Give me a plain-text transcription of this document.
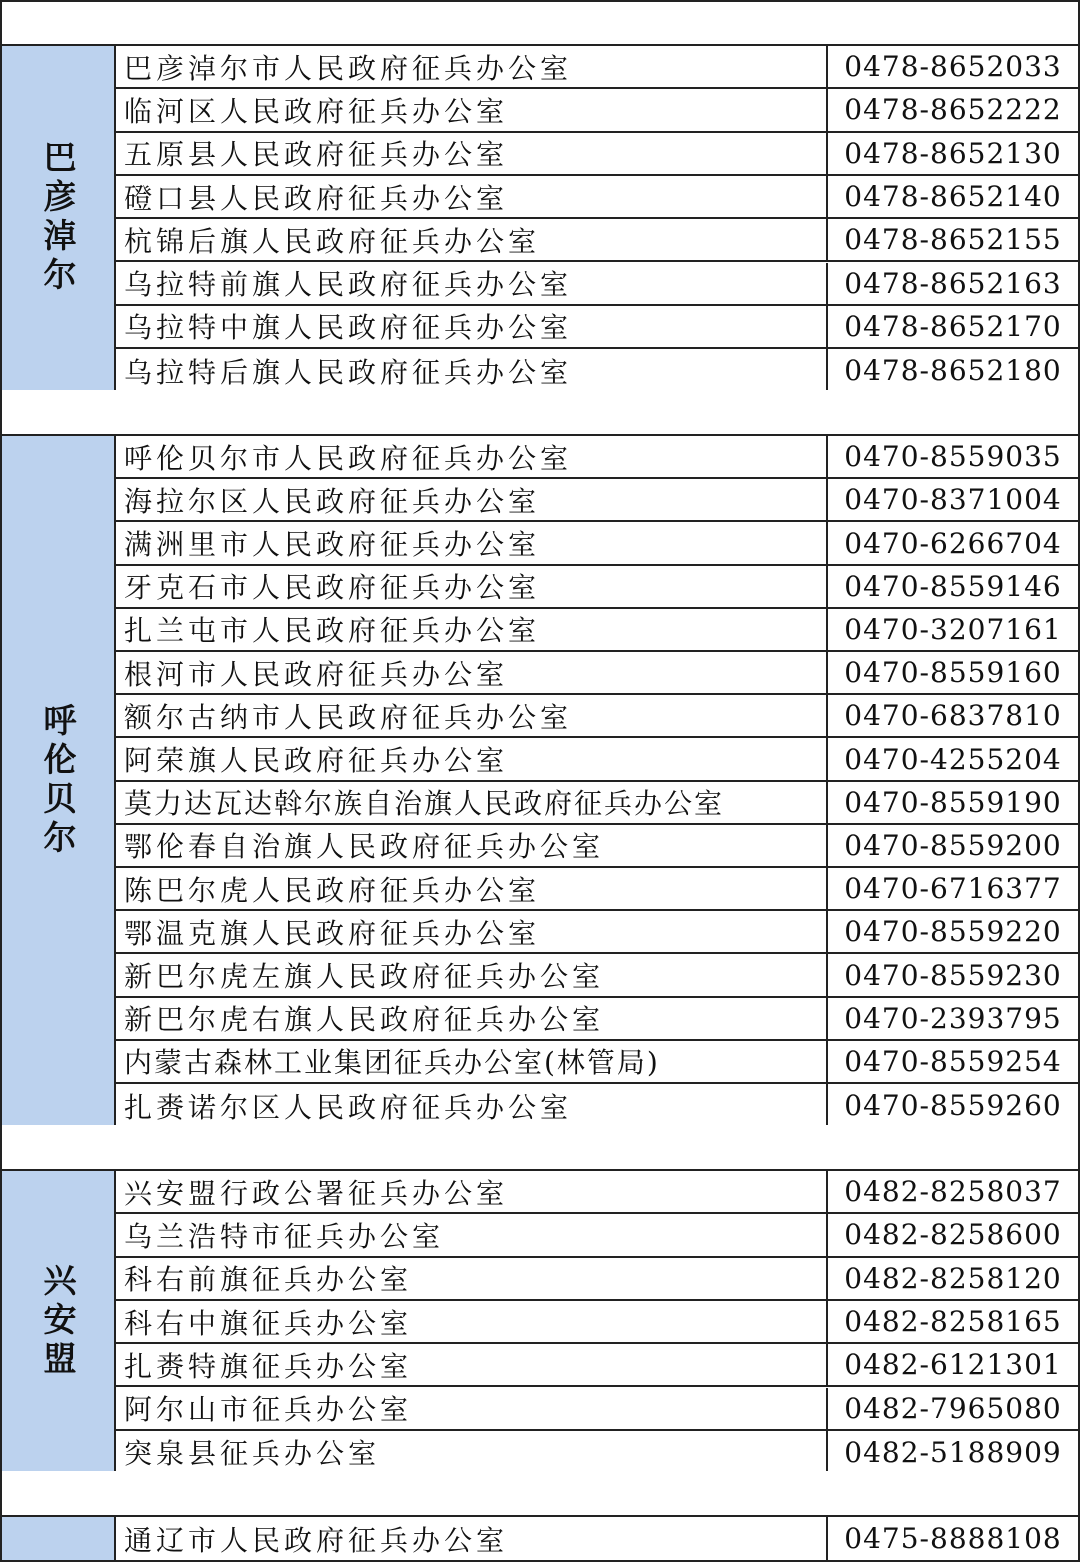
巴彦淖尔
巴彦淖尔市人民政府征兵办公室	0478-8652033
临河区人民政府征兵办公室	0478-8652222
五原县人民政府征兵办公室	0478-8652130
磴口县人民政府征兵办公室	0478-8652140
杭锦后旗人民政府征兵办公室	0478-8652155
乌拉特前旗人民政府征兵办公室	0478-8652163
乌拉特中旗人民政府征兵办公室	0478-8652170
乌拉特后旗人民政府征兵办公室	0478-8652180
呼伦贝尔
呼伦贝尔市人民政府征兵办公室	0470-8559035
海拉尔区人民政府征兵办公室	0470-8371004
满洲里市人民政府征兵办公室	0470-6266704
牙克石市人民政府征兵办公室	0470-8559146
扎兰屯市人民政府征兵办公室	0470-3207161
根河市人民政府征兵办公室	0470-8559160
额尔古纳市人民政府征兵办公室	0470-6837810
阿荣旗人民政府征兵办公室	0470-4255204
莫力达瓦达斡尔族自治旗人民政府征兵办公室	0470-8559190
鄂伦春自治旗人民政府征兵办公室	0470-8559200
陈巴尔虎人民政府征兵办公室	0470-6716377
鄂温克旗人民政府征兵办公室	0470-8559220
新巴尔虎左旗人民政府征兵办公室	0470-8559230
新巴尔虎右旗人民政府征兵办公室	0470-2393795
内蒙古森林工业集团征兵办公室(林管局)	0470-8559254
扎赉诺尔区人民政府征兵办公室	0470-8559260
兴安盟
兴安盟行政公署征兵办公室	0482-8258037
乌兰浩特市征兵办公室	0482-8258600
科右前旗征兵办公室	0482-8258120
科右中旗征兵办公室	0482-8258165
扎赉特旗征兵办公室	0482-6121301
阿尔山市征兵办公室	0482-7965080
突泉县征兵办公室	0482-5188909
通辽市人民政府征兵办公室	0475-8888108
